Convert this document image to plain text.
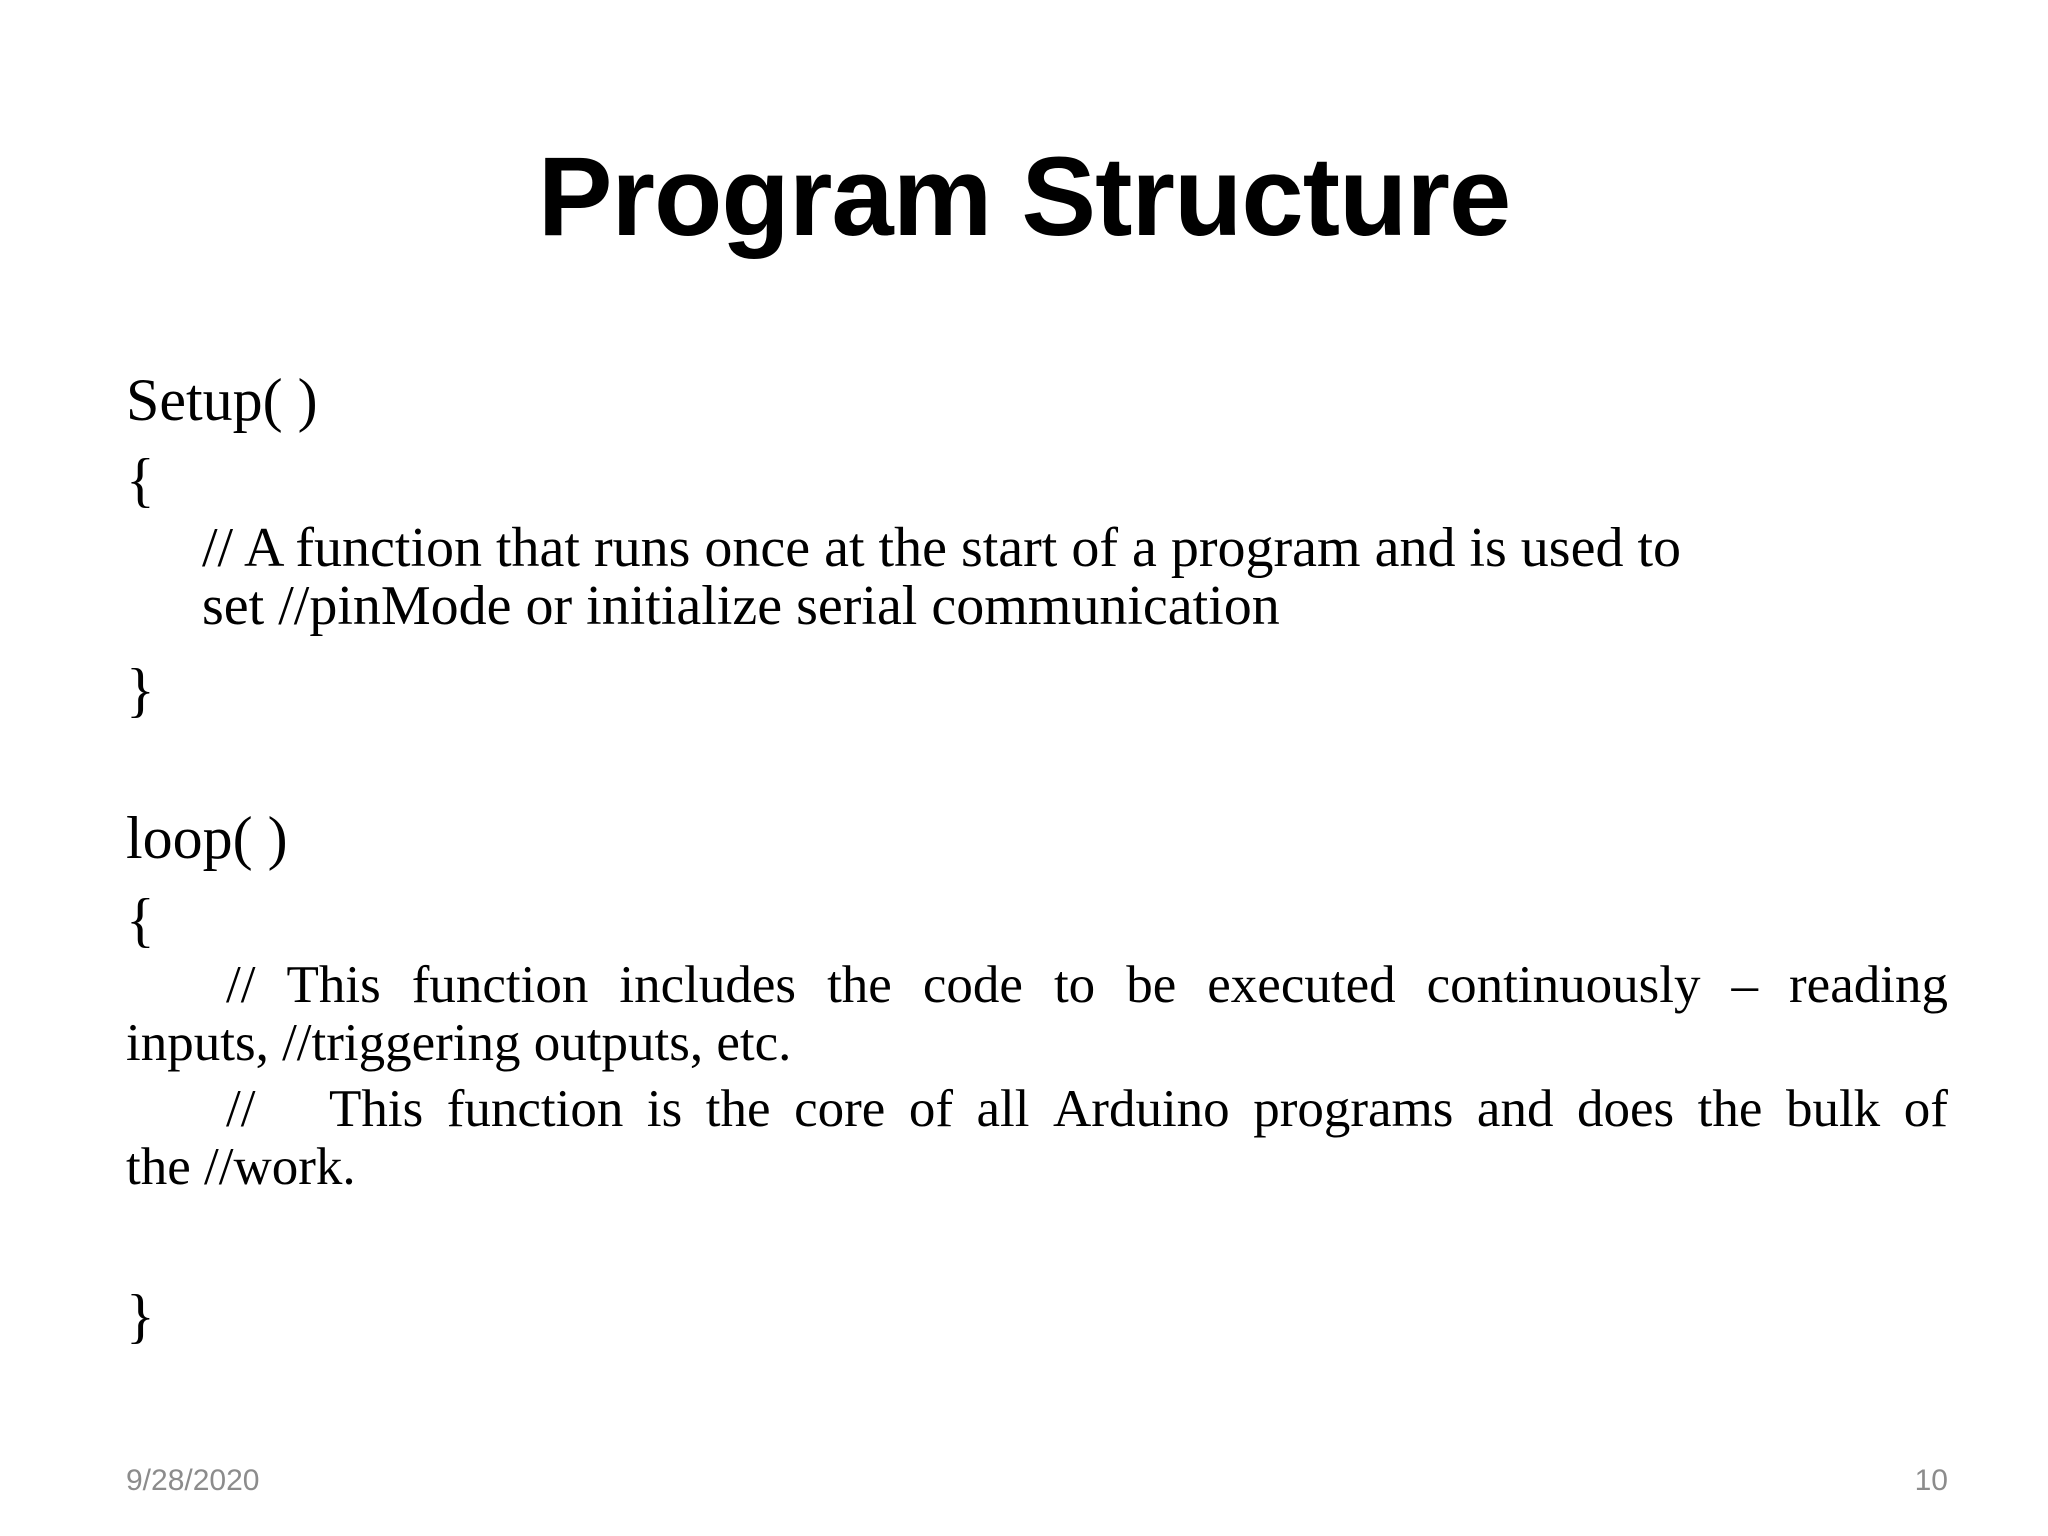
Program Structure
Setup( )
{
// A function that runs once at the start of a program and is used to
set //pinMode or initialize serial communication
}
loop( )
{
// This function includes the code to be executed continuously – reading
inputs, //triggering outputs, etc.
// This function is the core of all Arduino programs and does the bulk of
the //work.
}
9/28/2020	10
